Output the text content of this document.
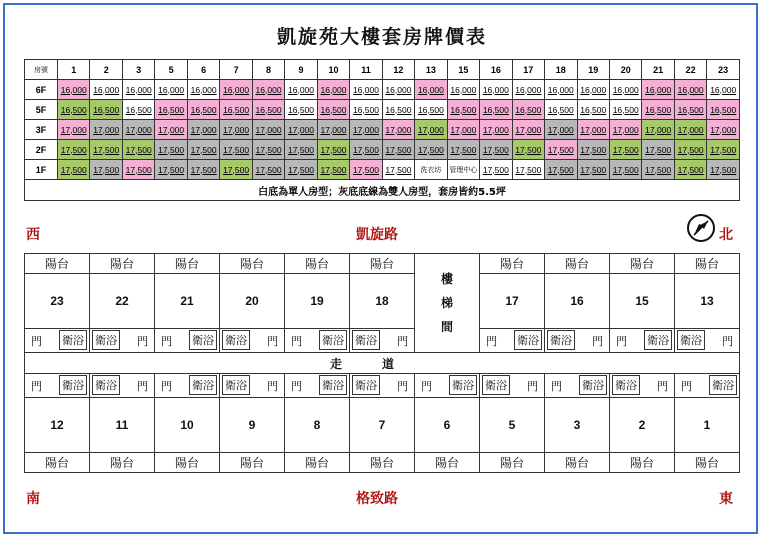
凱旋苑大樓套房牌價表
房號	1	2	3	5	6	7	8	9	10	11	12	13	15	16	17	18	19	20	21	22	23
6F	16,000	16,000	16,000	16,000	16,000	16,000	16,000	16,000	16,000	16,000	16,000	16,000	16,000	16,000	16,000	16,000	16,000	16,000	16,000	16,000	16,000
5F	16,500	16,500	16,500	16,500	16,500	16,500	16,500	16,500	16,500	16,500	16,500	16,500	16,500	16,500	16,500	16,500	16,500	16,500	16,500	16,500	16,500
3F	17,000	17,000	17,000	17,000	17,000	17,000	17,000	17,000	17,000	17,000	17,000	17,000	17,000	17,000	17,000	17,000	17,000	17,000	17,000	17,000	17,000
2F	17,500	17,500	17,500	17,500	17,500	17,500	17,500	17,500	17,500	17,500	17,500	17,500	17,500	17,500	17,500	17,500	17,500	17,500	17,500	17,500	17,500
1F	17,500	17,500	17,500	17,500	17,500	17,500	17,500	17,500	17,500	17,500	17,500	洗衣坊	管理中心	17,500	17,500	17,500	17,500	17,500	17,500	17,500	17,500
白底為單人房型；灰底底線為雙人房型，套房皆約5.5坪																					
西	凱旋路	北
陽台	陽台	陽台	陽台	陽台	陽台	樓
梯
間	陽台	陽台	陽台	陽台
23	22	21	20	19	18		17	16	15	13

門 衛浴	門
衛浴	門 衛浴	門
衛浴	門 衛浴	門
衛浴		門 衛浴	門
衛浴	門 衛浴	門
衛浴

走道										

門 衛浴	門
衛浴	門 衛浴	門
衛浴	門 衛浴	門
衛浴	門 衛浴	門
衛浴	門 衛浴	門
衛浴	門 衛浴

12	11	10	9	8	7	6	5	3	2	1
陽台	陽台	陽台	陽台	陽台	陽台	陽台	陽台	陽台	陽台	陽台
南	格致路	東
